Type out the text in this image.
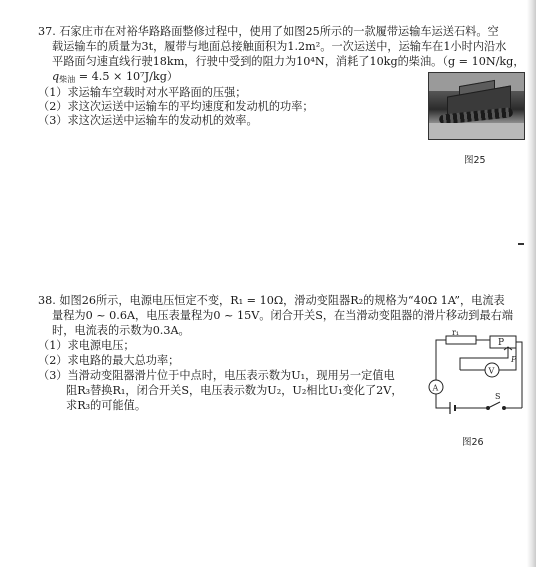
37. 石家庄市在对裕华路路面整修过程中，使用了如图25所示的一款履带运输车运送石料。空
载运输车的质量为3t，履带与地面总接触面积为1.2m²。一次运送中，运输车在1小时内沿水
平路面匀速直线行驶18km，行驶中受到的阻力为10⁴N，消耗了10kg的柴油。（g = 10N/kg，
$q_{柴油} = 4.5 \times 10^7J/kg$）
（1）求运输车空载时对水平路面的压强；
（2）求这次运送中运输车的平均速度和发动机的功率；
（3）求这次运送中运输车的发动机的效率。
图25
38. 如图26所示，电源电压恒定不变，R₁ = 10Ω，滑动变阻器R₂的规格为“40Ω 1A”，电流表
量程为0 ~ 0.6A，电压表量程为0 ~ 15V。闭合开关S，在当滑动变阻器的滑片移动到最右端
时，电流表的示数为0.3A。
（1）求电源电压；
（2）求电路的最大总功率；
（3）当滑动变阻器滑片位于中点时，电压表示数为U₁，现用另一定值电
阻R₃替换R₁，闭合开关S，电压表示数为U₂，U₂相比U₁变化了2V，
求R₃的可能值。
r₁
P
P
V
A
S
图26
